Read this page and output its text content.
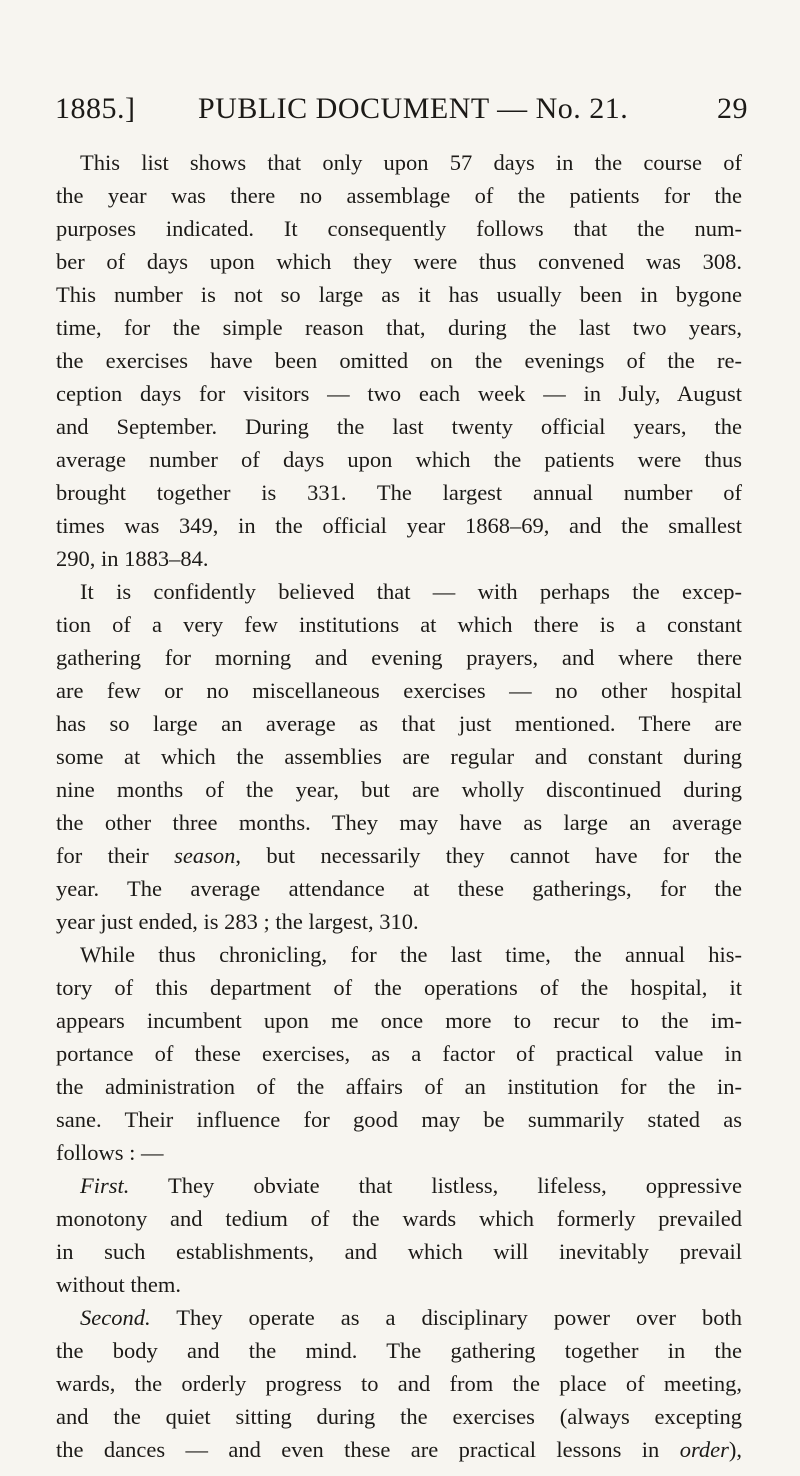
1885.] PUBLIC DOCUMENT — No. 21.	29
This list shows that only upon 57 days in the course of
the year was there no assemblage of the patients for the
purposes indicated. It consequently follows that the num-
ber of days upon which they were thus convened was 308.
This number is not so large as it has usually been in bygone
time, for the simple reason that, during the last two years,
the exercises have been omitted on the evenings of the re-
ception days for visitors — two each week — in July, August
and September. During the last twenty official years, the
average number of days upon which the patients were thus
brought together is 331. The largest annual number of
times was 349, in the official year 1868–69, and the smallest
290, in 1883–84.
It is confidently believed that — with perhaps the excep-
tion of a very few institutions at which there is a constant
gathering for morning and evening prayers, and where there
are few or no miscellaneous exercises — no other hospital
has so large an average as that just mentioned. There are
some at which the assemblies are regular and constant during
nine months of the year, but are wholly discontinued during
the other three months. They may have as large an average
for their season, but necessarily they cannot have for the
year. The average attendance at these gatherings, for the
year just ended, is 283 ; the largest, 310.
While thus chronicling, for the last time, the annual his-
tory of this department of the operations of the hospital, it
appears incumbent upon me once more to recur to the im-
portance of these exercises, as a factor of practical value in
the administration of the affairs of an institution for the in-
sane. Their influence for good may be summarily stated as
follows : —
First. They obviate that listless, lifeless, oppressive
monotony and tedium of the wards which formerly prevailed
in such establishments, and which will inevitably prevail
without them.
Second. They operate as a disciplinary power over both
the body and the mind. The gathering together in the
wards, the orderly progress to and from the place of meeting,
and the quiet sitting during the exercises (always excepting
the dances — and even these are practical lessons in order),
